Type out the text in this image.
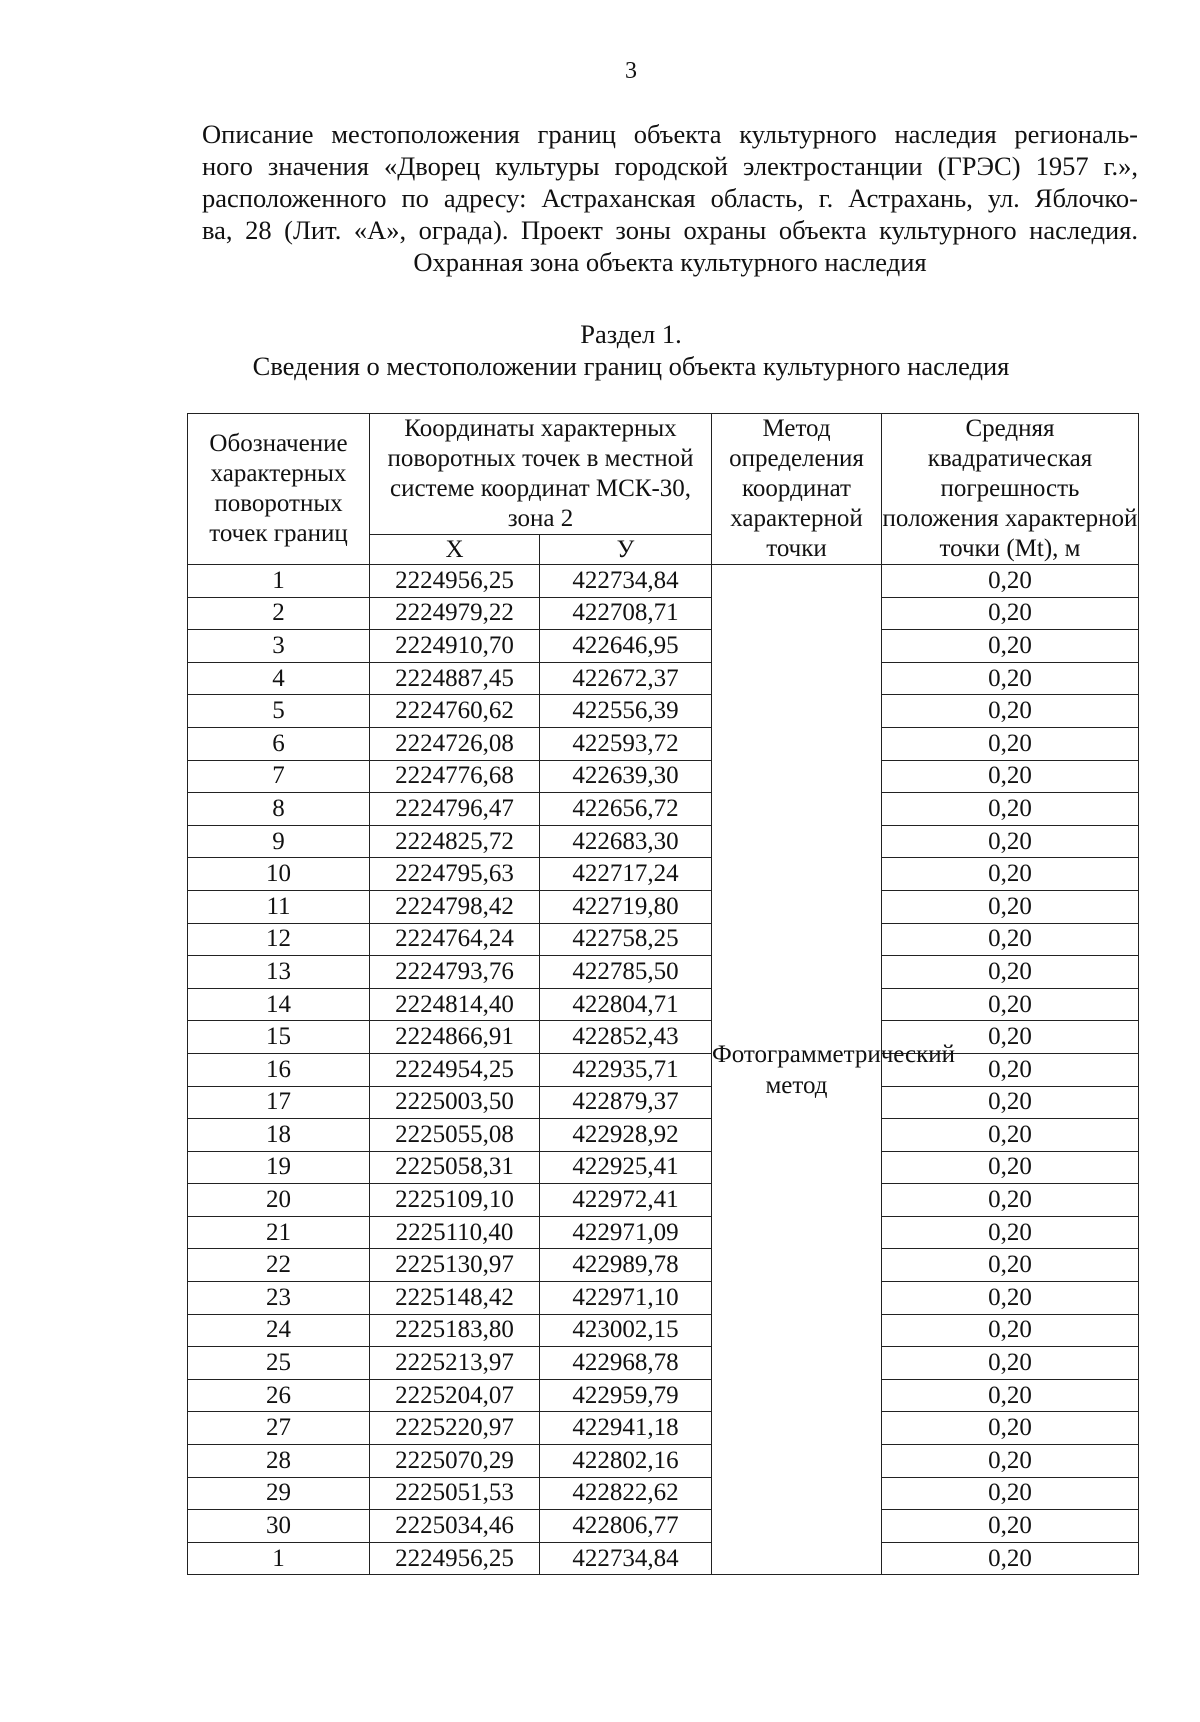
3
Описание местоположения границ объекта культурного наследия региональ-
ного значения «Дворец культуры городской электростанции (ГРЭС) 1957 г.»,
расположенного по адресу: Астраханская область, г. Астрахань, ул. Яблочко-
ва, 28 (Лит. «А», ограда). Проект зоны охраны объекта культурного наследия.
Охранная зона объекта культурного наследия
Раздел 1.
Сведения о местоположении границ объекта культурного наследия
Обозначение характерных поворотных точек границ	Координаты характерных поворотных точек в местной системе координат МСК-30, зона 2		Метод определения координат характерной точки	Средняя квадратическая погрешность положения характерной точки (Mt), м
	Х	У		
1	2224956,25	422734,84	Фотограмметрический метод	0,20
2	2224979,22	422708,71		0,20
3	2224910,70	422646,95		0,20
4	2224887,45	422672,37		0,20
5	2224760,62	422556,39		0,20
6	2224726,08	422593,72		0,20
7	2224776,68	422639,30		0,20
8	2224796,47	422656,72		0,20
9	2224825,72	422683,30		0,20
10	2224795,63	422717,24		0,20
11	2224798,42	422719,80		0,20
12	2224764,24	422758,25		0,20
13	2224793,76	422785,50		0,20
14	2224814,40	422804,71		0,20
15	2224866,91	422852,43		0,20
16	2224954,25	422935,71		0,20
17	2225003,50	422879,37		0,20
18	2225055,08	422928,92		0,20
19	2225058,31	422925,41		0,20
20	2225109,10	422972,41		0,20
21	2225110,40	422971,09		0,20
22	2225130,97	422989,78		0,20
23	2225148,42	422971,10		0,20
24	2225183,80	423002,15		0,20
25	2225213,97	422968,78		0,20
26	2225204,07	422959,79		0,20
27	2225220,97	422941,18		0,20
28	2225070,29	422802,16		0,20
29	2225051,53	422822,62		0,20
30	2225034,46	422806,77		0,20
1	2224956,25	422734,84		0,20
